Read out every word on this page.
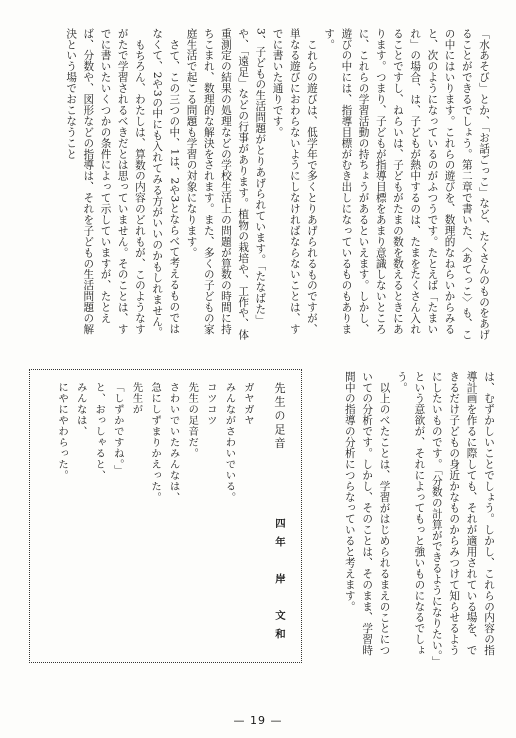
「水あそび」とか、「お話ごっこ」など、たくさんのものをあげることができるでしょう。第二章で書いた、〈あてっこ〉も、この中にはいります。これらの遊びを、数理的なねらいからみると、次のようになっているのがふつうです。たとえば「たまいれ」の場合、は、子どもが熱中するのは、たまをたくさん入れることですし、ねらいは、子どもがたまの数を数えるときにあります。つまり、子どもが指導目標をあまり意識しないところに、これらの学習活動の持ちょうがあるといえます。しかし、遊びの中には、指導目標がむき出しになっているものもあります。

これらの遊びは、低学年で多くとりあげられるものですが、単なる遊びにおわらないようにしなければならないことは、すでに書いた通りです。

3、子どもの生活問題がとりあげられています。「たなばた」や、「遠足」などの行事があります。植物の栽培や、工作や、体重測定の結果の処理などの学校生活上の問題が算数の時間に持ちこまれ、数理的な解決をされます。また、多くの子どもの家庭生活で起こる問題も学習の対象になります。

さて、この三つの中、1は、2や3とならべて考えるものではなくて、2や3の中にも入れてみる方がいいのかもしれません。

もちろん、わたしは、算数の内容のどれもが、このようなすがたで学習されるべきだとは思っていません。そのことは、すでに書いたいくつかの条件によって示していますが、たとえば、分数や、図形などの指導は、それを子どもの生活問題の解決という場でおこなうこと

は、むずかしいことでしょう。しかし、これらの内容の指導計画を作るに際しても、それが適用されている場を、できるだけ子どもの身近かなものからみつけて知らせるようにしたいものです。「分数の計算ができるようになりたい。」という意欲が、それによってもっと強いものになるでしょう。

以上のべたことは、学習がはじめられるまえのことについての分析です。しかし、そのことは、そのまま、学習時間中の指導の分析につらなっていると考えます。

先生の足音
四年　岸　文和
ガヤガヤ
みんながさわいでいる。
コツコツ
先生の足音だ。
さわいでいたみんなは、
急にしずまりかえった。
先生が
「しずかですね。」
と、おっしゃると、
みんなは、
にやにやわらった。
— 19 —
